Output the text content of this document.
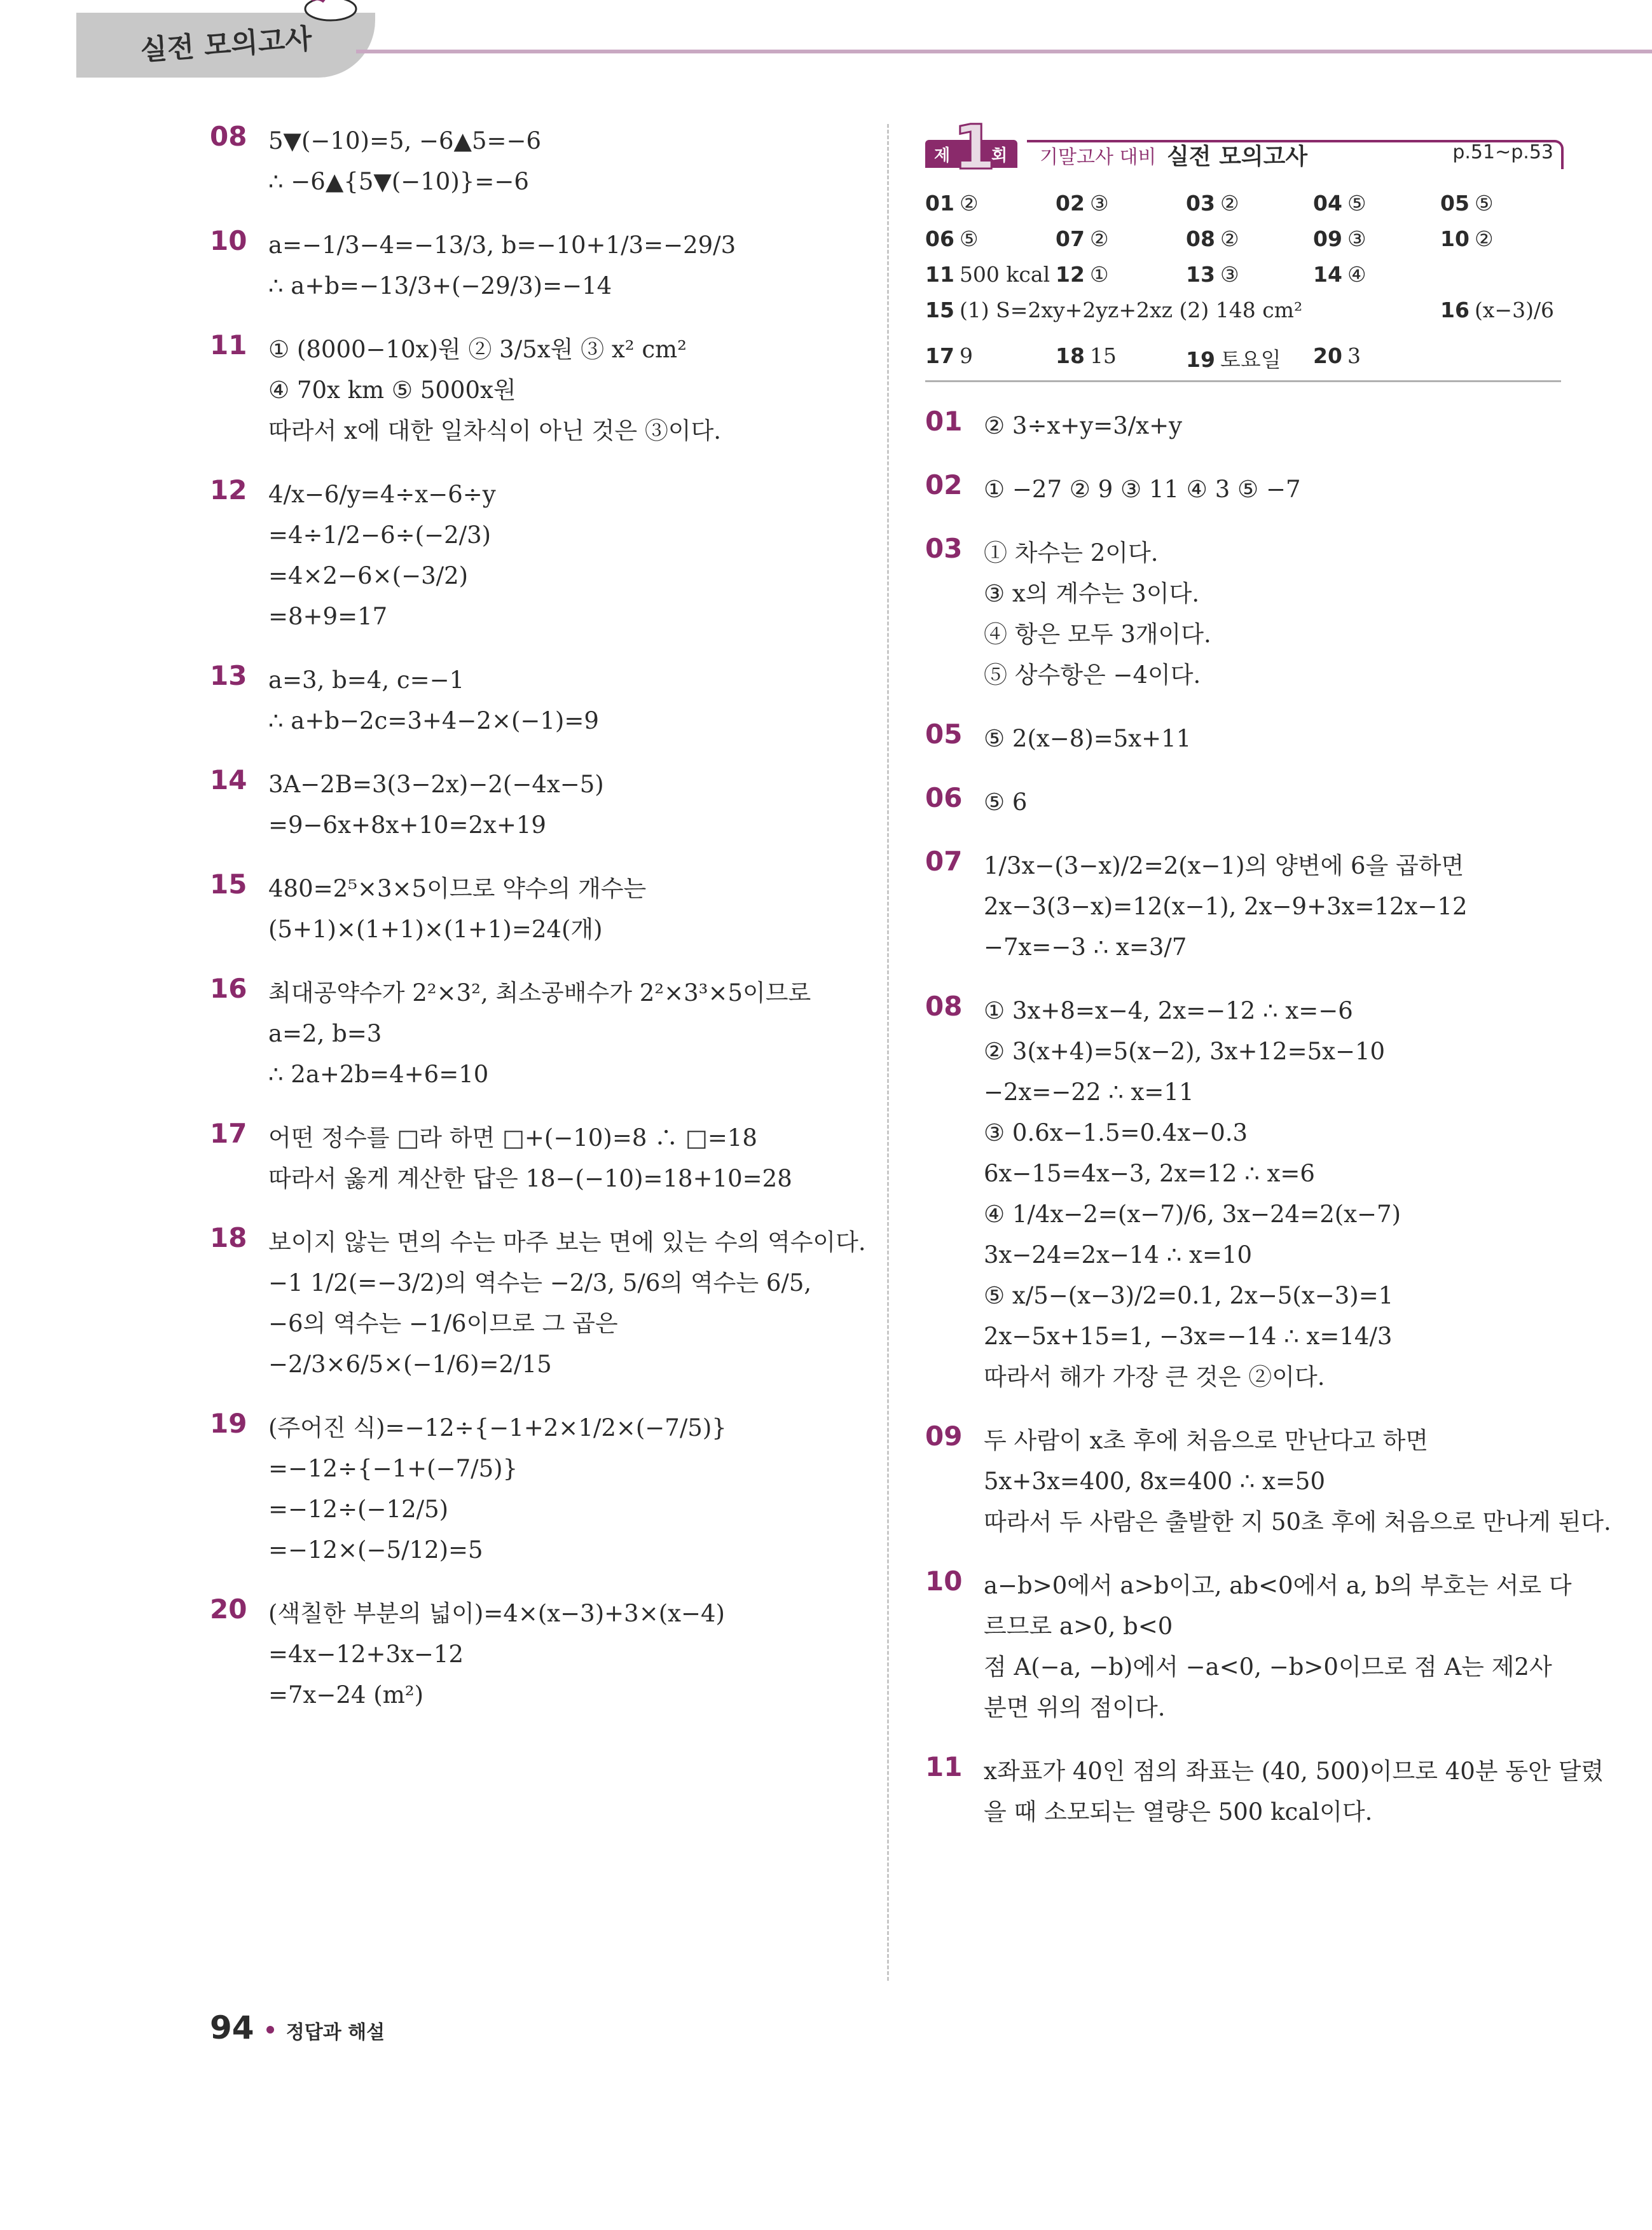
실전 모의고사
08 5▼(−10)=5, −6▲5=−6
∴ −6▲{5▼(−10)}=−6
10 a=−1/3−4=−13/3, b=−10+1/3=−29/3
∴ a+b=−13/3+(−29/3)=−14
11 ① (8000−10x)원 ② 3/5x원 ③ x² cm²
④ 70x km ⑤ 5000x원
따라서 x에 대한 일차식이 아닌 것은 ③이다.
12 4/x−6/y=4÷x−6÷y
=4÷1/2−6÷(−2/3)
=4×2−6×(−3/2)
=8+9=17
13 a=3, b=4, c=−1
∴ a+b−2c=3+4−2×(−1)=9
14 3A−2B=3(3−2x)−2(−4x−5)
=9−6x+8x+10=2x+19
15 480=2⁵×3×5이므로 약수의 개수는
(5+1)×(1+1)×(1+1)=24(개)
16 최대공약수가 2²×3², 최소공배수가 2²×3³×5이므로
a=2, b=3
∴ 2a+2b=4+6=10
17 어떤 정수를 □라 하면 □+(−10)=8 ∴ □=18
따라서 옳게 계산한 답은 18−(−10)=18+10=28
18 보이지 않는 면의 수는 마주 보는 면에 있는 수의 역수이다.
−1 1/2(=−3/2)의 역수는 −2/3, 5/6의 역수는 6/5,
−6의 역수는 −1/6이므로 그 곱은
−2/3×6/5×(−1/6)=2/15
19 (주어진 식)=−12÷{−1+2×1/2×(−7/5)}
=−12÷{−1+(−7/5)}
=−12÷(−12/5)
=−12×(−5/12)=5
20 (색칠한 부분의 넓이)=4×(x−3)+3×(x−4)
=4x−12+3x−12
=7x−24 (m²)
제 1
회 기말고사 대비 실전 모의고사	p.51~p.53
01 ②	02 ③	03 ②	04 ⑤	05 ⑤
06 ⑤	07 ②	08 ②	09 ③	10 ②
11 500 kcal 12 ①	13 ③	14 ④
15 (1) S=2xy+2yz+2xz (2) 148 cm²	16 (x−3)/6
17 9	18 15	19 토요일 20 3
01 ② 3÷x+y=3/x+y
02 ① −27 ② 9 ③ 11 ④ 3 ⑤ −7
03 ① 차수는 2이다.
③ x의 계수는 3이다.
④ 항은 모두 3개이다.
⑤ 상수항은 −4이다.
05 ⑤ 2(x−8)=5x+11
06 ⑤ 6
07 1/3x−(3−x)/2=2(x−1)의 양변에 6을 곱하면
2x−3(3−x)=12(x−1), 2x−9+3x=12x−12
−7x=−3 ∴ x=3/7
08 ① 3x+8=x−4, 2x=−12 ∴ x=−6
② 3(x+4)=5(x−2), 3x+12=5x−10
−2x=−22 ∴ x=11
③ 0.6x−1.5=0.4x−0.3
6x−15=4x−3, 2x=12 ∴ x=6
④ 1/4x−2=(x−7)/6, 3x−24=2(x−7)
3x−24=2x−14 ∴ x=10
⑤ x/5−(x−3)/2=0.1, 2x−5(x−3)=1
2x−5x+15=1, −3x=−14 ∴ x=14/3
따라서 해가 가장 큰 것은 ②이다.
09 두 사람이 x초 후에 처음으로 만난다고 하면
5x+3x=400, 8x=400 ∴ x=50
따라서 두 사람은 출발한 지 50초 후에 처음으로 만나게 된다.
10 a−b>0에서 a>b이고, ab<0에서 a, b의 부호는 서로 다
르므로 a>0, b<0
점 A(−a, −b)에서 −a<0, −b>0이므로 점 A는 제2사
분면 위의 점이다.
11 x좌표가 40인 점의 좌표는 (40, 500)이므로 40분 동안 달렸
을 때 소모되는 열량은 500 kcal이다.
94 정답과 해설
